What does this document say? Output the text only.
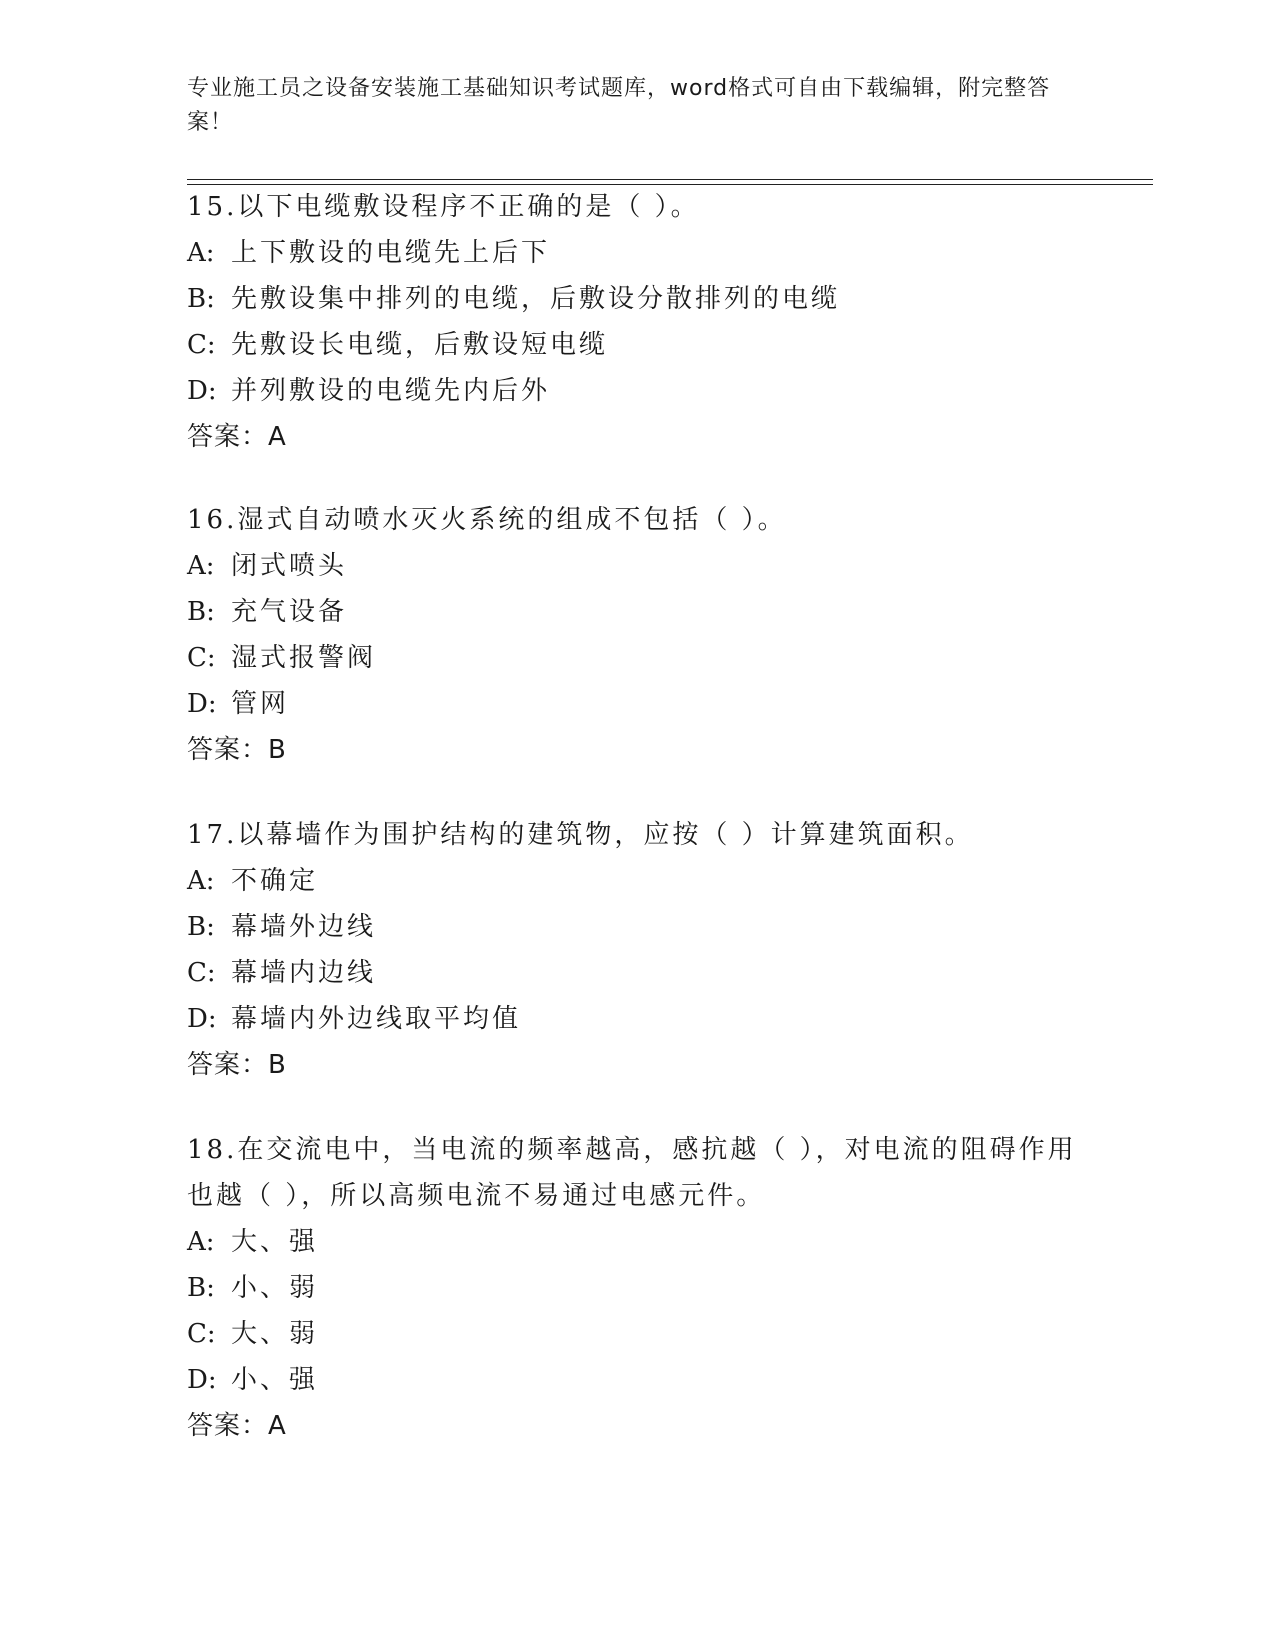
专业施工员之设备安装施工基础知识考试题库，word格式可自由下载编辑，附完整答案！
15.以下电缆敷设程序不正确的是（ ）。
A: 上下敷设的电缆先上后下
B: 先敷设集中排列的电缆，后敷设分散排列的电缆
C: 先敷设长电缆，后敷设短电缆
D: 并列敷设的电缆先内后外
答案：A
16.湿式自动喷水灭火系统的组成不包括（ ）。
A: 闭式喷头
B: 充气设备
C: 湿式报警阀
D: 管网
答案：B
17.以幕墙作为围护结构的建筑物，应按（ ）计算建筑面积。
A: 不确定
B: 幕墙外边线
C: 幕墙内边线
D: 幕墙内外边线取平均值
答案：B
18.在交流电中，当电流的频率越高，感抗越（ ），对电流的阻碍作用也越（ ），所以高频电流不易通过电感元件。
A: 大、强
B: 小、弱
C: 大、弱
D: 小、强
答案：A
